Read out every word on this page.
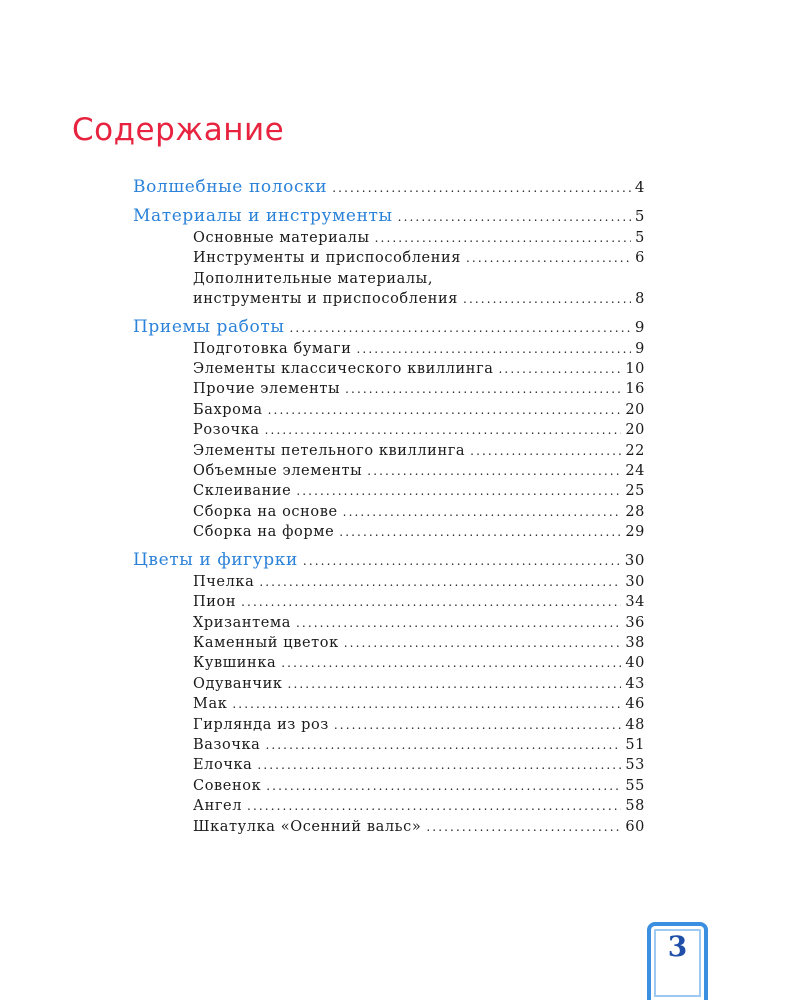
Содержание
Волшебные полоски .....	4
Материалы и инструменты .....	5
Основные материалы .....	5
Инструменты и приспособления .....	6
Дополнительные материалы,
инструменты и приспособления .....	8
Приемы работы .....	9
Подготовка бумаги .....	9
Элементы классического квиллинга .....	10
Прочие элементы .....	16
Бахрома .....	20
Розочка .....	20
Элементы петельного квиллинга .....	22
Объемные элементы .....	24
Склеивание .....	25
Сборка на основе .....	28
Сборка на форме .....	29
Цветы и фигурки .....	30
Пчелка .....	30
Пион .....	34
Хризантема .....	36
Каменный цветок .....	38
Кувшинка .....	40
Одуванчик .....	43
Мак .....	46
Гирлянда из роз .....	48
Вазочка .....	51
Елочка .....	53
Совенок .....	55
Ангел .....	58
Шкатулка «Осенний вальс» .....	60
3
